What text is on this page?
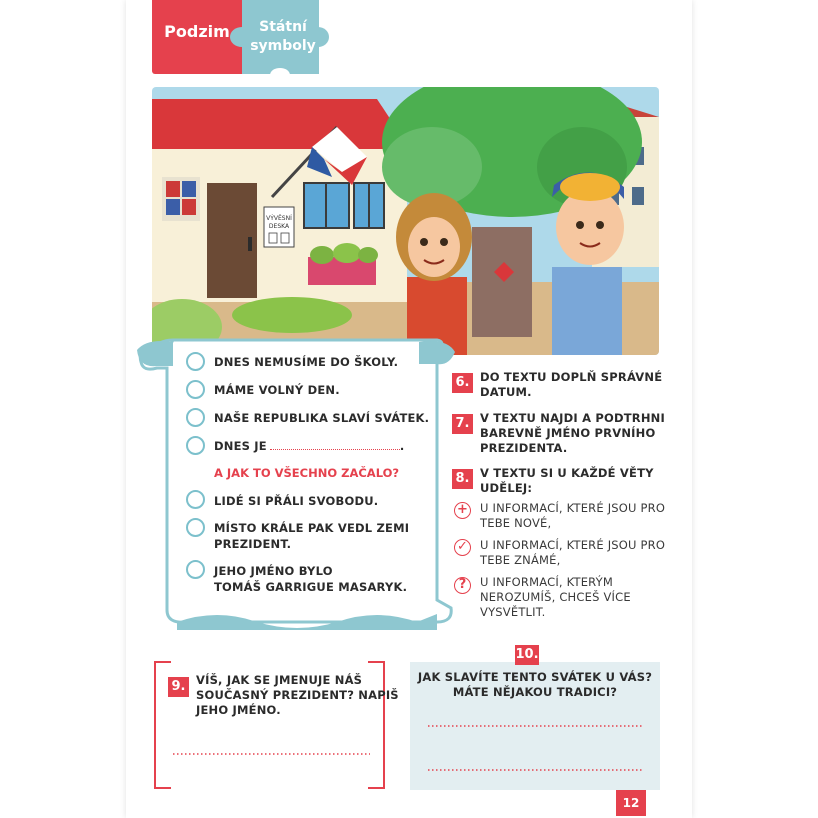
Podzim	Státní
symboly
VÝVĚSNÍ
DESKA
DNES NEMUSÍME DO ŠKOLY.
MÁME VOLNÝ DEN.
NAŠE REPUBLIKA SLAVÍ SVÁTEK.
DNES JE	.
A JAK TO VŠECHNO ZAČALO?
LIDÉ SI PŘÁLI SVOBODU.
MÍSTO KRÁLE PAK VEDL ZEMI
PREZIDENT.
JEHO JMÉNO BYLO
TOMÁŠ GARRIGUE MASARYK.
6. DO TEXTU DOPLŇ SPRÁVNÉ
DATUM.
7. V TEXTU NAJDI A PODTRHNI
BAREVNĚ JMÉNO PRVNÍHO
PREZIDENTA.
8. V TEXTU SI U KAŽDÉ VĚTY
UDĚLEJ:
+ U INFORMACÍ, KTERÉ JSOU PRO
TEBE NOVÉ,
✓ U INFORMACÍ, KTERÉ JSOU PRO
TEBE ZNÁMÉ,
?	U INFORMACÍ, KTERÝM
NEROZUMÍŠ, CHCEŠ VÍCE
VYSVĚTLIT.
9. VÍŠ, JAK SE JMENUJE NÁŠ
SOUČASNÝ PREZIDENT? NAPIŠ
JEHO JMÉNO.
10.
JAK SLAVÍTE TENTO SVÁTEK U VÁS?
MÁTE NĚJAKOU TRADICI?
12
